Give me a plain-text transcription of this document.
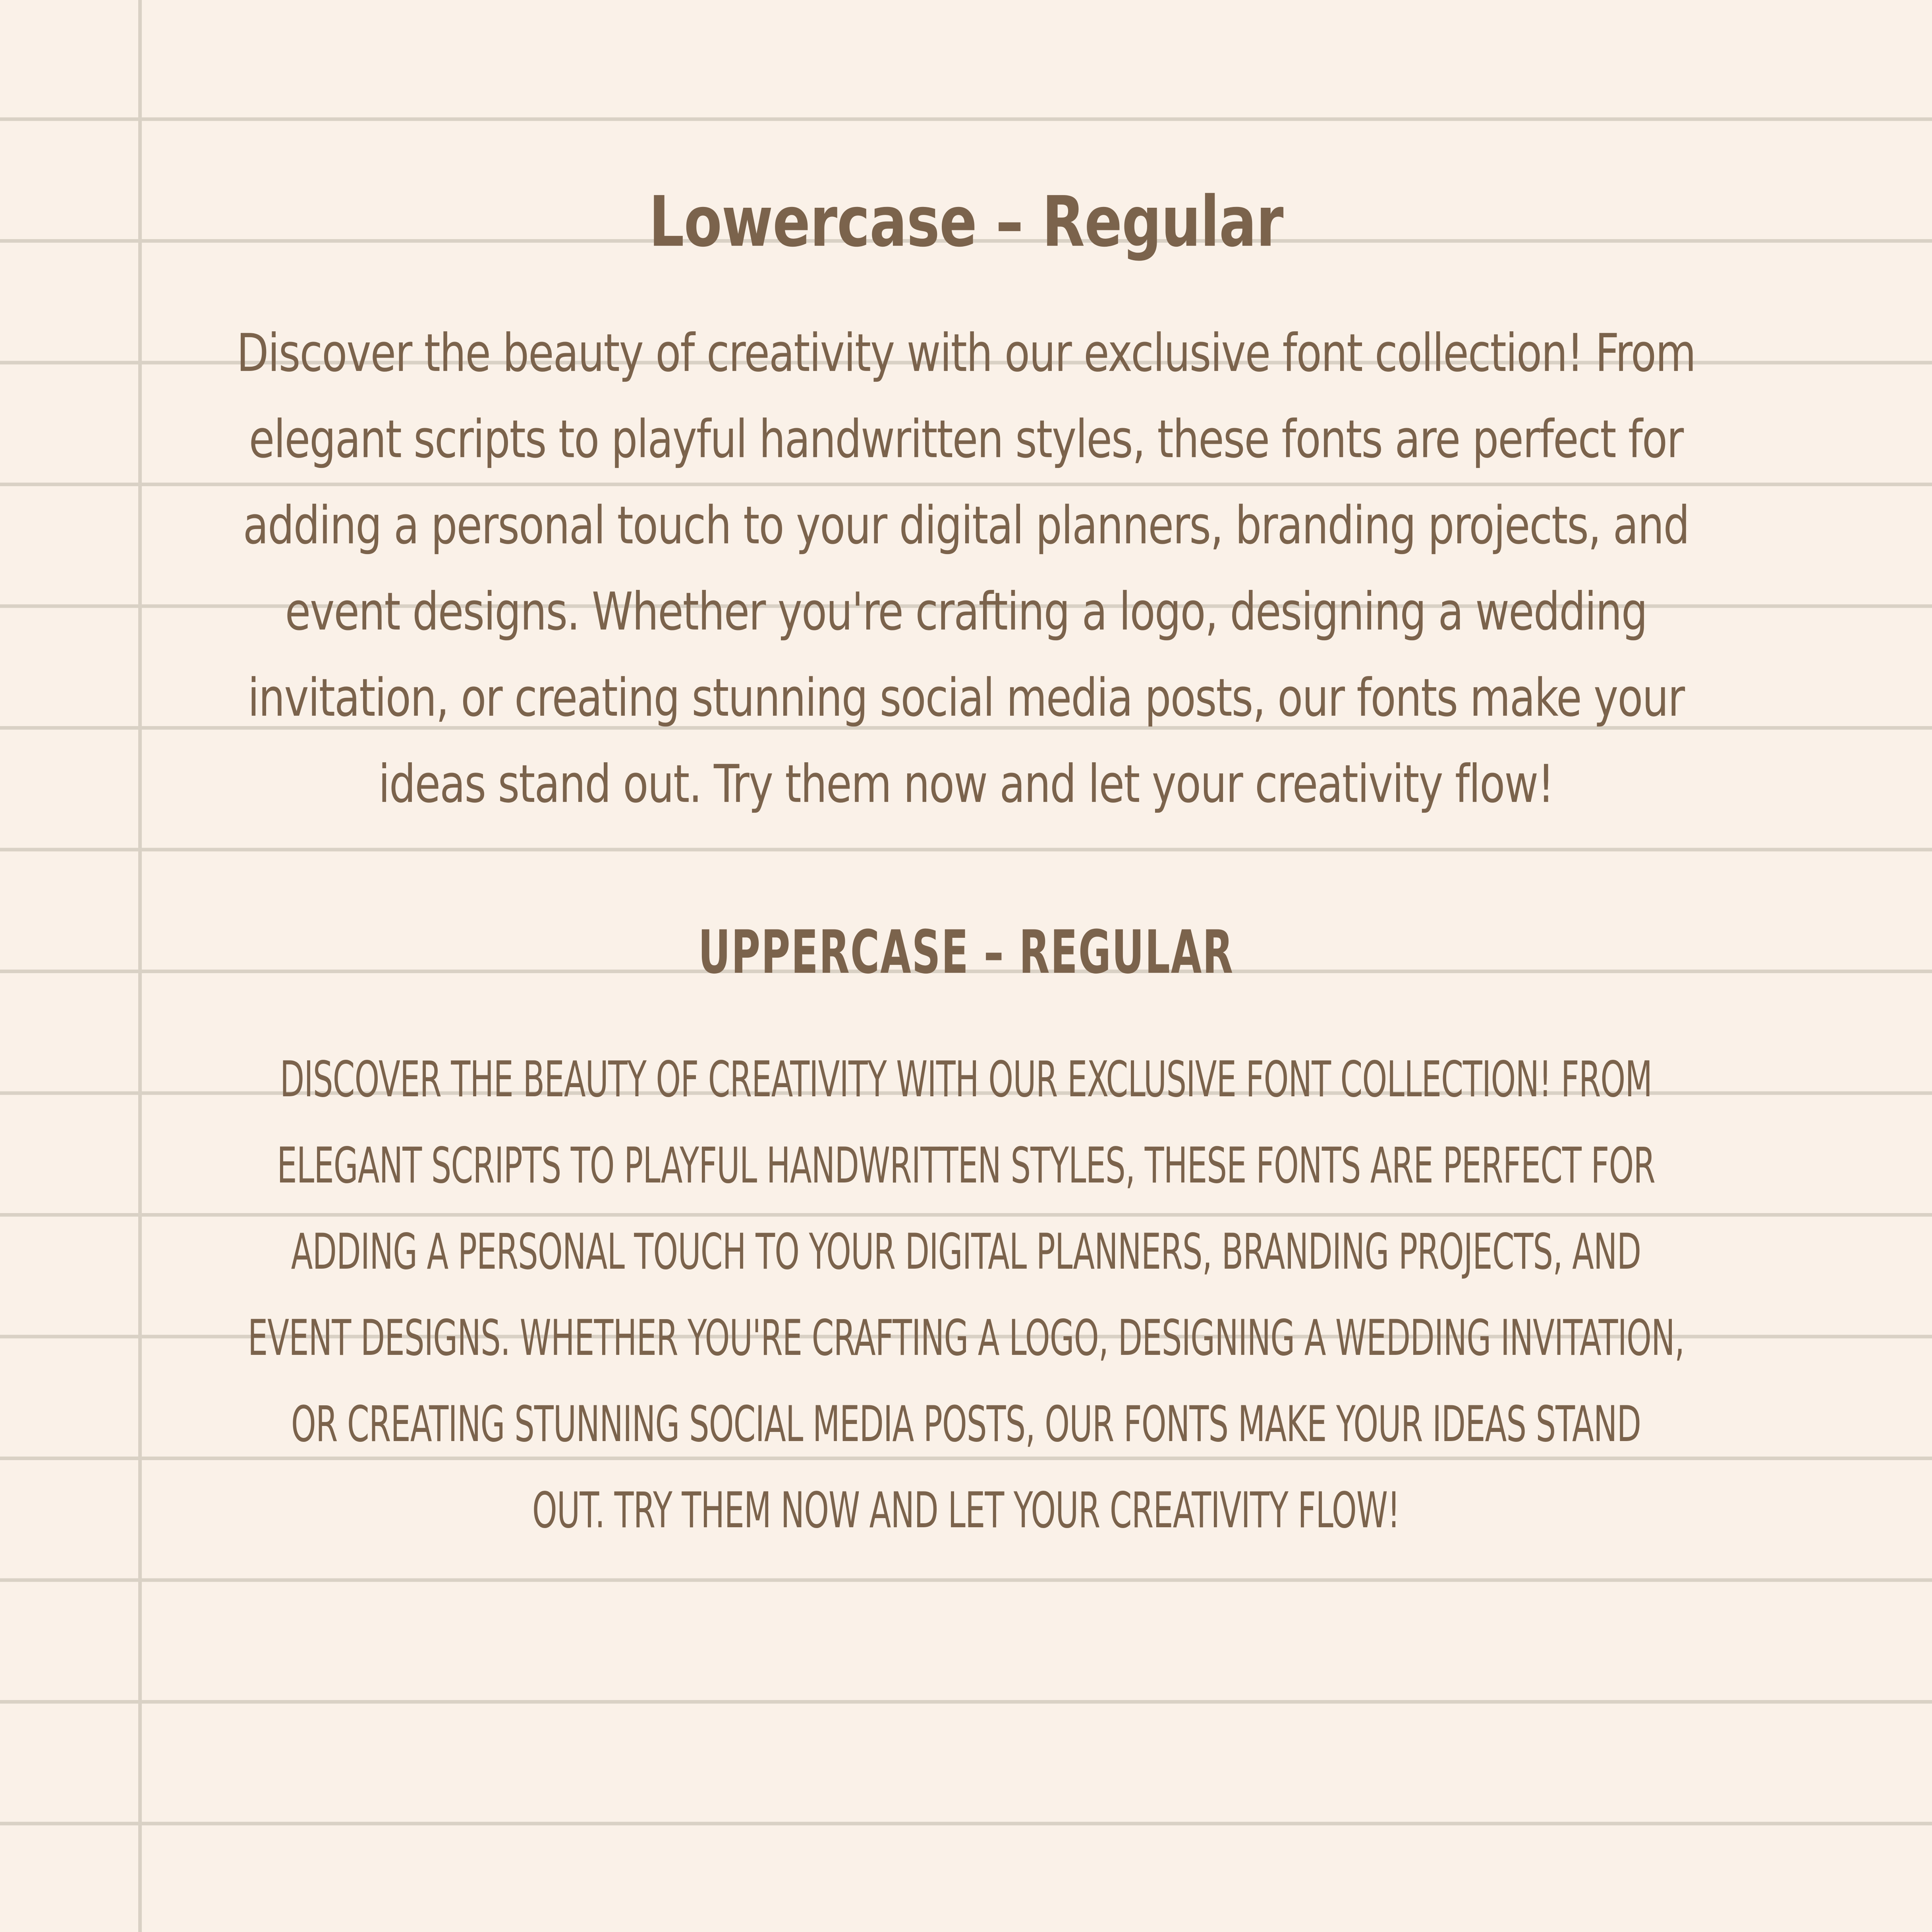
Lowercase – Regular
Discover the beauty of creativity with our exclusive font collection! From
elegant scripts to playful handwritten styles, these fonts are perfect for
adding a personal touch to your digital planners, branding projects, and
event designs. Whether you're crafting a logo, designing a wedding
invitation, or creating stunning social media posts, our fonts make your
ideas stand out. Try them now and let your creativity flow!
UPPERCASE – REGULAR
DISCOVER THE BEAUTY OF CREATIVITY WITH OUR EXCLUSIVE FONT COLLECTION! FROM
ELEGANT SCRIPTS TO PLAYFUL HANDWRITTEN STYLES, THESE FONTS ARE PERFECT FOR
ADDING A PERSONAL TOUCH TO YOUR DIGITAL PLANNERS, BRANDING PROJECTS, AND
EVENT DESIGNS. WHETHER YOU'RE CRAFTING A LOGO, DESIGNING A WEDDING INVITATION,
OR CREATING STUNNING SOCIAL MEDIA POSTS, OUR FONTS MAKE YOUR IDEAS STAND
OUT. TRY THEM NOW AND LET YOUR CREATIVITY FLOW!
